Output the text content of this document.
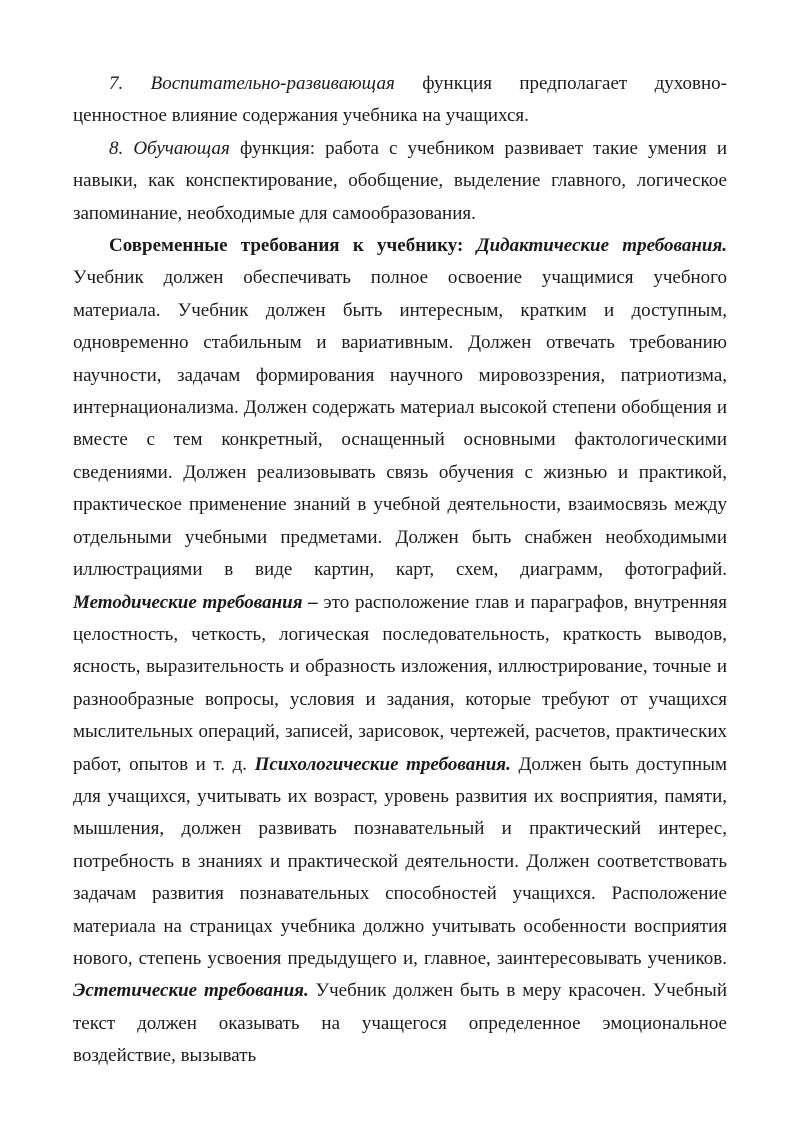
7. Воспитательно-развивающая функция предполагает духовно-ценностное влияние содержания учебника на учащихся.

8. Обучающая функция: работа с учебником развивает такие умения и навыки, как конспектирование, обобщение, выделение главного, логическое запоминание, необходимые для самообразования.

Современные требования к учебнику: Дидактические требования. Учебник должен обеспечивать полное освоение учащимися учебного материала. Учебник должен быть интересным, кратким и доступным, одновременно стабильным и вариативным. Должен отвечать требованию научности, задачам формирования научного мировоззрения, патриотизма, интернационализма. Должен содержать материал высокой степени обобщения и вместе с тем конкретный, оснащенный основными фактологическими сведениями. Должен реализовывать связь обучения с жизнью и практикой, практическое применение знаний в учебной деятельности, взаимосвязь между отдельными учебными предметами. Должен быть снабжен необходимыми иллюстрациями в виде картин, карт, схем, диаграмм, фотографий. Методические требования – это расположение глав и параграфов, внутренняя целостность, четкость, логическая последовательность, краткость выводов, ясность, выразительность и образность изложения, иллюстрирование, точные и разнообразные вопросы, условия и задания, которые требуют от учащихся мыслительных операций, записей, зарисовок, чертежей, расчетов, практических работ, опытов и т. д. Психологические требования. Должен быть доступным для учащихся, учитывать их возраст, уровень развития их восприятия, памяти, мышления, должен развивать познавательный и практический интерес, потребность в знаниях и практической деятельности. Должен соответствовать задачам развития познавательных способностей учащихся. Расположение материала на страницах учебника должно учитывать особенности восприятия нового, степень усвоения предыдущего и, главное, заинтересовывать учеников. Эстетические требования. Учебник должен быть в меру красочен. Учебный текст должен оказывать на учащегося определенное эмоциональное воздействие, вызывать
